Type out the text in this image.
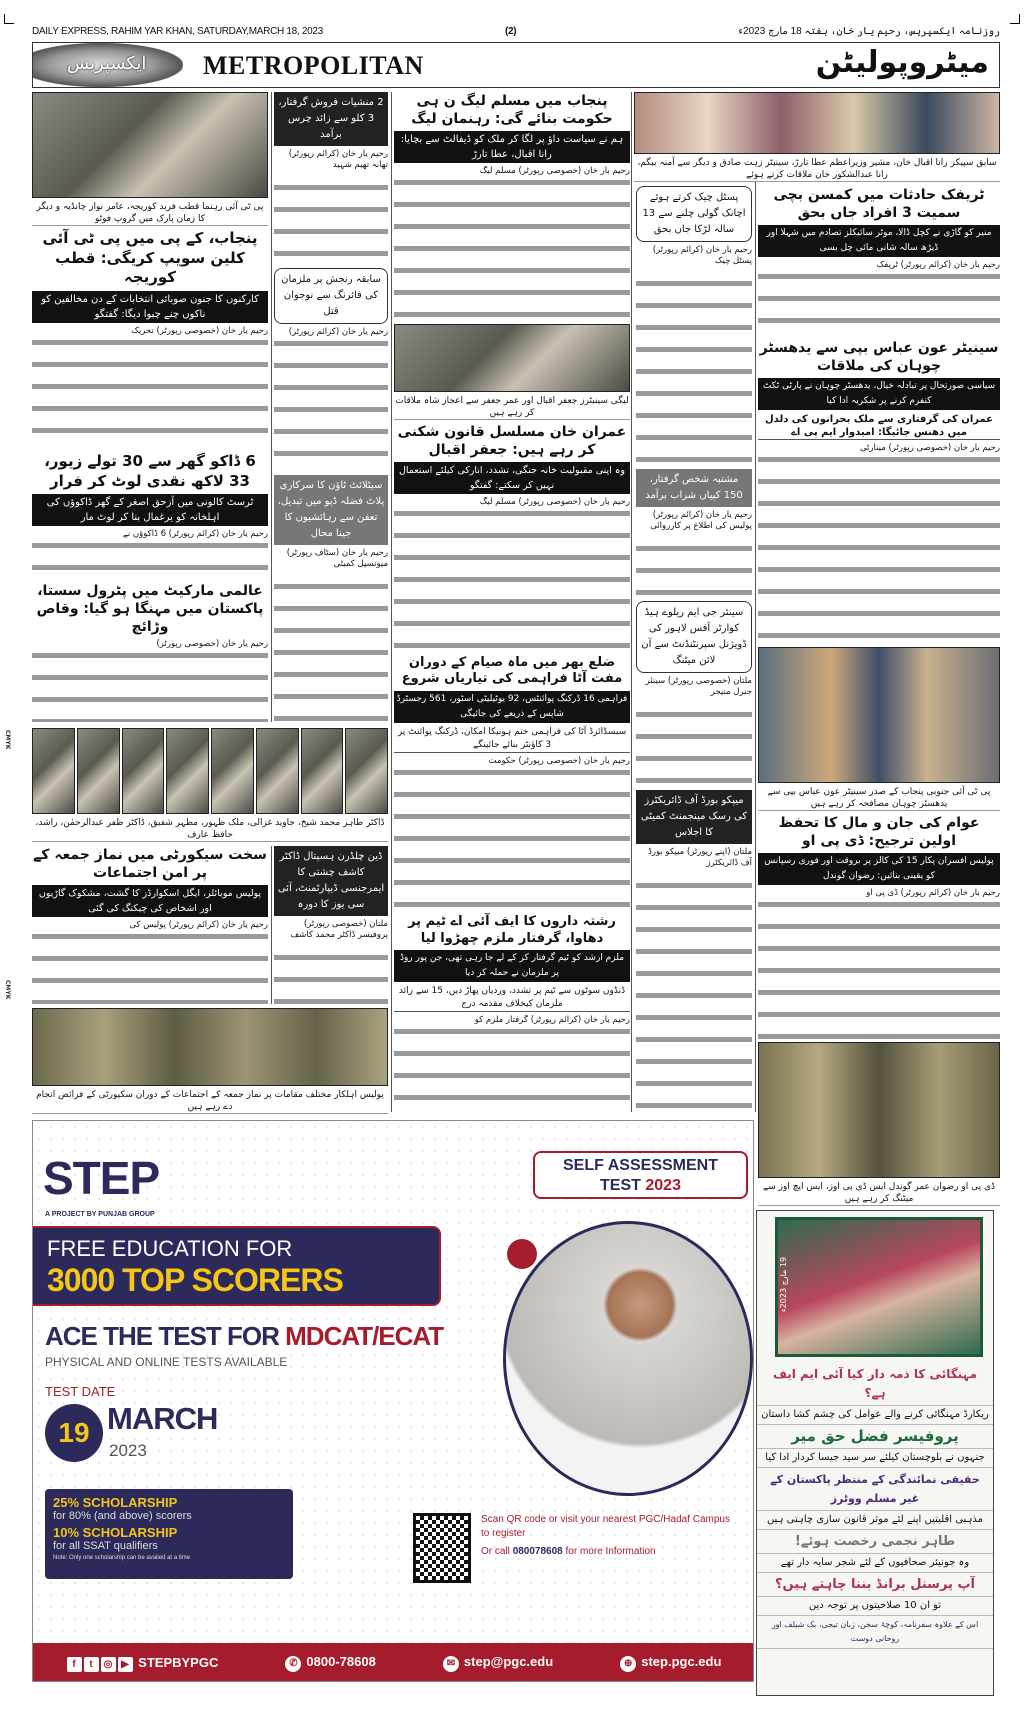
DAILY EXPRESS, RAHIM YAR KHAN, SATURDAY,MARCH 18, 2023	(2)	روزنامہ ایکسپریس، رحیم یار خان، ہفتہ 18 مارچ 2023ء
ایکسپریس METROPOLITAN	میٹروپولیٹن
پی ٹی آئی رہنما قطب فرید کوریجہ، عامر نواز چانڈیہ و دیگر کا زمان پارک میں گروپ فوٹو
پنجاب، کے پی میں پی ٹی آئی کلین سویپ کریگی: قطب کوریجہ
کارکنوں کا جنون صوبائی انتخابات کے دن مخالفین کو ناکوں چنے چبوا دیگا: گفتگو
رحیم یار خان (خصوصی رپورٹر) تحریک
6 ڈاکو گھر سے 30 تولے زیور، 33 لاکھ نقدی لوٹ کر فرار
ٹرسٹ کالونی میں آزحق اصغر کے گھر ڈاکوؤں کی اہلخانہ کو یرغمال بنا کر لوٹ مار
رحیم یار خان (کرائم رپورٹر) 6 ڈاکوؤں نے
عالمی مارکیٹ میں پٹرول سستا، پاکستان میں مہنگا ہو گیا: وقاص وڑائچ
رحیم یار خان (خصوصی رپورٹر)
2 منشیات فروش گرفتار، 3 کلو سے زائد چرس برآمد
رحیم یار خان (کرائم رپورٹر) تھانہ تھیم شہید
سابقہ رنجش پر ملزمان کی فائرنگ سے نوجوان قتل
رحیم یار خان (کرائم رپورٹر)
سیٹلائٹ ٹاؤن کا سرکاری پلاٹ فضلہ ڈپو میں تبدیل، تعفن سے رہائشیوں کا جینا محال
رحیم یار خان (سٹاف رپورٹر) میونسپل کمیٹی
ڈاکٹر طاہر محمد شیخ، جاوید غزالی، ملک ظہور، مظہر شفیق، ڈاکٹر ظفر عبدالرحمٰن، راشد، حافظ عارف
سخت سیکورٹی میں نماز جمعہ کے پر امن اجتماعات
پولیس موبائلز، ایگل اسکوارڈز کا گشت، مشکوک گاڑیوں اور اشخاص کی چیکنگ کی گئی
رحیم یار خان (کرائم رپورٹر) پولیس کی
ڈین چلڈرن ہسپتال ڈاکٹر کاشف چشتی کا ایمرجنسی ڈیپارٹمنٹ، آئی سی یوز کا دورہ
ملتان (خصوصی رپورٹر) پروفیسر ڈاکٹر محمد کاشف
پولیس اہلکار مختلف مقامات پر نماز جمعہ کے اجتماعات کے دوران سکیورٹی کے فرائض انجام دے رہے ہیں
پنجاب میں مسلم لیگ ن ہی حکومت بنائے گی: رہنمان لیگ
ہم نے سیاست داؤ پر لگا کر ملک کو ڈیفالٹ سے بچایا: رانا اقبال، عطا تارڑ
رحیم یار خان (خصوصی رپورٹر) مسلم لیگ
لیگی سینیٹرز جعفر اقبال اور عمر جعفر سے اعجاز شاہ ملاقات کر رہے ہیں
عمران خان مسلسل قانون شکنی کر رہے ہیں: جعفر اقبال
وہ اپنی مقبولیت خانہ جنگی، تشدد، انارکی کیلئے استعمال نہیں کر سکتے: گفتگو
رحیم یار خان (خصوصی رپورٹر) مسلم لیگ
ضلع بھر میں ماہ صیام کے دوران مفت آٹا فراہمی کی تیاریاں شروع
فراہمی 16 ڈرکنگ پوائنٹس، 92 یوٹیلیٹی اسٹور، 561 رجسٹرڈ شاپس کے ذریعے کی جائیگی
سبسڈائزڈ آٹا کی فراہمی ختم ہونیکا امکان، ڈرکنگ پوائنٹ پر 3 کاؤنٹر بنائے جائینگے
رحیم یار خان (خصوصی رپورٹر) حکومت
رشتہ داروں کا ایف آئی اے ٹیم پر دھاوا، گرفتار ملزم چھڑوا لیا
ملزم ارشد کو ٹیم گرفتار کر کے لے جا رہی تھی، جن پور روڈ پر ملزمان نے حملہ کر دیا
ڈنڈوں سوٹوں سے ٹیم پر تشدد، وردیاں پھاڑ دیں، 15 سے زائد ملزمان کیخلاف مقدمہ درج
رحیم یار خان (کرائم رپورٹر) گرفتار ملزم کو
سابق سپیکر رانا اقبال خان، مشیر وزیراعظم عطا تارڑ، سینیٹر زہت صادق و دیگر سے آمنہ بیگم، رانا عبدالشکور خان ملاقات کرتے ہوئے
پسٹل چیک کرتے ہوئے اچانک گولی چلنے سے 13 سالہ لڑکا جاں بحق
رحیم یار خان (کرائم رپورٹر) پسٹل چیک
مشتبہ شخص گرفتار، 150 کپیاں شراب برآمد
رحیم یار خان (کرائم رپورٹر) پولیس کی اطلاع پر کارروائی
سینئر جی ایم ریلوے ہیڈ کوارٹر آفس لاہور کی ڈویژنل سپرنٹنڈنٹ سے آن لائن میٹنگ
ملتان (خصوصی رپورٹر) سینئر جنرل منیجر
میپکو بورڈ آف ڈائریکٹرز کی رسک مینجمنٹ کمیٹی کا اجلاس
ملتان (اپنے رپورٹر) میپکو بورڈ آف ڈائریکٹرز
ٹریفک حادثات میں کمسن بچی سمیت 3 افراد جاں بحق
منیر کو گاڑی نے کچل ڈالا، موٹر سائیکلز تصادم میں شہلا اور ڈیڑھ سالہ شانی مائی چل بسی
رحیم یار خان (کرائم رپورٹر) ٹریفک
سینیٹر عون عباس بپی سے یدھسٹر چوہان کی ملاقات
سیاسی صورتحال پر تبادلہ خیال، یدھسٹر چوہان نے پارٹی ٹکٹ کنفرم کرنے پر شکریہ ادا کیا
عمران کی گرفتاری سے ملک بحرانوں کی دلدل میں دھنس جائیگا: امیدوار ایم پی اے
رحیم یار خان (خصوصی رپورٹر) مینارٹی
پی ٹی آئی جنوبی پنجاب کے صدر سینیٹر عون عباس بپی سے یدھسٹر چوہان مصافحہ کر رہے ہیں
عوام کی جان و مال کا تحفظ اولین ترجیح: ڈی پی او
پولیس افسران پکار 15 کی کالز پر بروقت اور فوری رسپانس کو یقینی بنائیں: رضوان گوندل
رحیم یار خان (کرائم رپورٹر) ڈی پی او
ڈی پی او رضوان عمر گوندل ایس ڈی پی اوز، ایس ایچ اوز سے میٹنگ کر رہے ہیں
STEP
A PROJECT BY PUNJAB GROUP
SELF ASSESSMENT
TEST 2023
FREE EDUCATION FOR
3000 TOP SCORERS
ACE THE TEST FOR MDCAT/ECAT
PHYSICAL AND ONLINE TESTS AVAILABLE
TEST DATE
19 MARCH
2023
25% SCHOLARSHIP
for 80% (and above) scorers
10% SCHOLARSHIP
for all SSAT qualifiers
Note: Only one scholarship can be availed at a time
Scan QR code or visit your nearest PGC/Hadaf Campus to register
Or call 080078608 for more Information
f t ◎ ▶ STEPBYPGC	✆ 0800-78608	✉ step@pgc.edu	⊕ step.pgc.edu
19 مارچ 2023ء
مہنگائی کا ذمہ دار کیا آئی ایم ایف ہے؟
ریکارڈ مہنگائی کرنے والے عوامل کی چشم کشا داستان
پروفیسر فضل حق میر
جنہوں نے بلوچستان کیلئے سر سید جیسا کردار ادا کیا
حقیقی نمائندگی کے منتظر پاکستان کے غیر مسلم ووٹرز
مذہبی اقلیتیں اپنے لئے موثر قانون سازی چاہتی ہیں
طاہر نجمی رخصت ہوئے!
وہ جونیئر صحافیوں کے لئے شجر سایہ دار تھے
آپ پرسنل برانڈ بننا چاہتے ہیں؟
تو ان 10 صلاحیتوں پر توجہ دیں
اس کے علاوہ سفرنامہ، کوچۂ سخن، زبان تیجی، بک شیلف اور روحانی دوست
CMYK
CMYK
